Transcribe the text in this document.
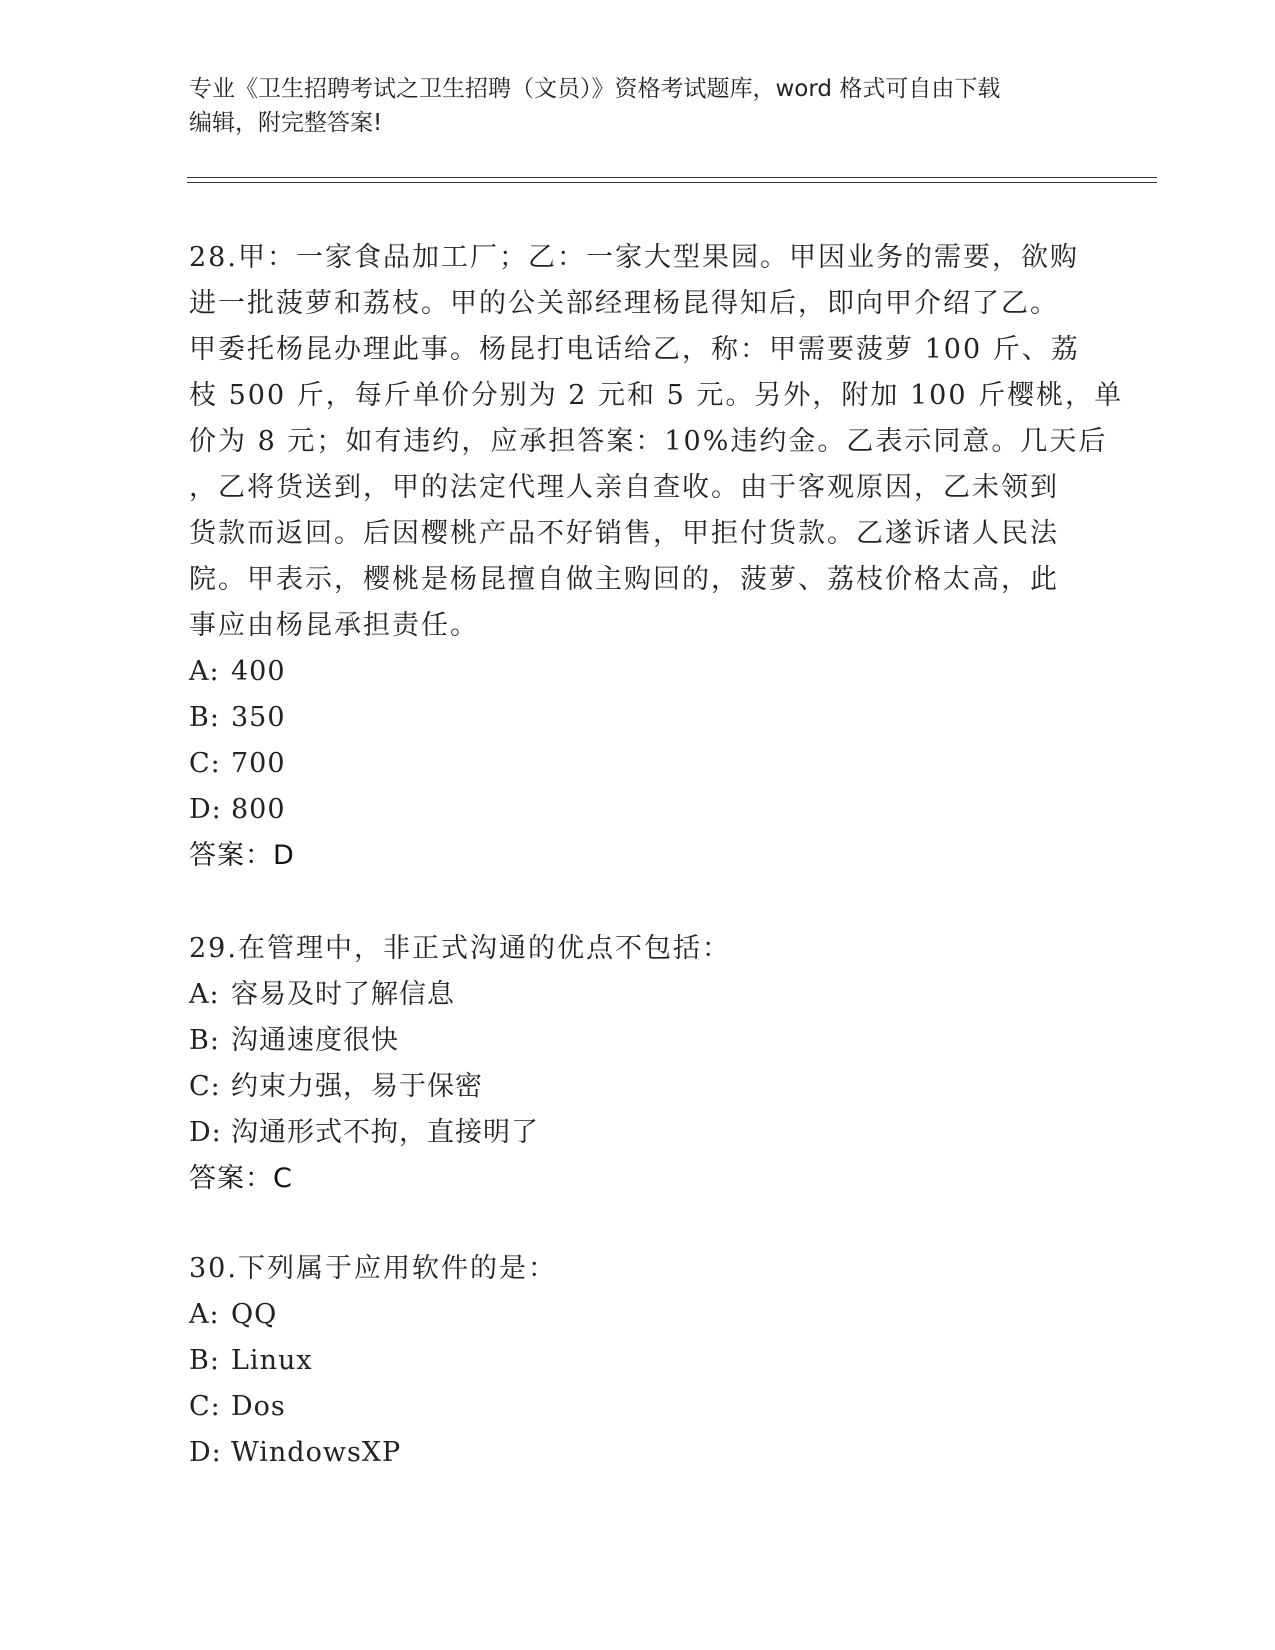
专业《卫生招聘考试之卫生招聘（文员）》资格考试题库，word 格式可自由下载
编辑，附完整答案!
28.甲：一家食品加工厂；乙：一家大型果园。甲因业务的需要，欲购
进一批菠萝和荔枝。甲的公关部经理杨昆得知后，即向甲介绍了乙。
甲委托杨昆办理此事。杨昆打电话给乙，称：甲需要菠萝 100 斤、荔
枝 500 斤，每斤单价分别为 2 元和 5 元。另外，附加 100 斤樱桃，单
价为 8 元；如有违约，应承担答案：10%违约金。乙表示同意。几天后
，乙将货送到，甲的法定代理人亲自查收。由于客观原因，乙未领到
货款而返回。后因樱桃产品不好销售，甲拒付货款。乙遂诉诸人民法
院。甲表示，樱桃是杨昆擅自做主购回的，菠萝、荔枝价格太高，此
事应由杨昆承担责任。
A: 400
B: 350
C: 700
D: 800
答案：D
29.在管理中，非正式沟通的优点不包括：
A: 容易及时了解信息
B: 沟通速度很快
C: 约束力强，易于保密
D: 沟通形式不拘，直接明了
答案：C
30.下列属于应用软件的是：
A: QQ
B: Linux
C: Dos
D: WindowsXP
